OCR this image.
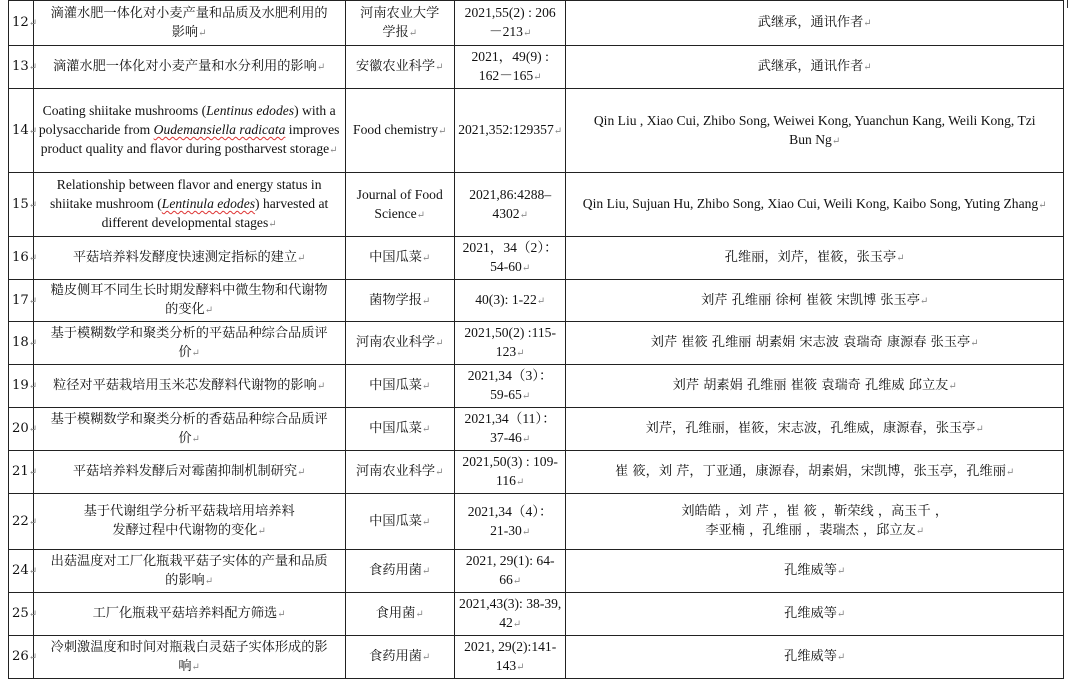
12↵	滴灌水肥一体化对小麦产量和品质及水肥利用的
影响↵	河南农业大学
学报↵	2021,55(2) : 206
－213↵	武继承，通讯作者↵
13↵	滴灌水肥一体化对小麦产量和水分利用的影响↵	安徽农业科学↵	2021，49(9) :
162－165↵	武继承，通讯作者↵
14↵	Coating shiitake mushrooms (Lentinus edodes) with a polysaccharide from Oudemansiella radicata improves product quality and flavor during postharvest storage↵	Food chemistry↵	2021,352:129357↵	Qin Liu , Xiao Cui, Zhibo Song, Weiwei Kong, Yuanchun Kang, Weili Kong, Tzi
Bun Ng↵
15↵	Relationship between flavor and energy status in shiitake mushroom (Lentinula edodes) harvested at different developmental stages↵	Journal of Food
Science↵	2021,86:4288–
4302↵	Qin Liu, Sujuan Hu, Zhibo Song, Xiao Cui, Weili Kong, Kaibo Song, Yuting Zhang↵
16↵	平菇培养料发酵度快速测定指标的建立↵	中国瓜菜↵	2021，34（2）：
54-60↵	孔维丽，刘芹，崔筱，张玉亭↵
17↵	糙皮侧耳不同生长时期发酵料中微生物和代谢物
的变化↵	菌物学报↵	40(3): 1-22↵	刘芹 孔维丽 徐柯 崔筱 宋凯博 张玉亭↵
18↵	基于模糊数学和聚类分析的平菇品种综合品质评
价↵	河南农业科学↵	2021,50(2) :115-
123↵	刘芹 崔筱 孔维丽 胡素娟 宋志波 袁瑞奇 康源春 张玉亭↵
19↵	粒径对平菇栽培用玉米芯发酵料代谢物的影响↵	中国瓜菜↵	2021,34（3）：
59-65↵	刘芹 胡素娟 孔维丽 崔筱 袁瑞奇 孔维威 邱立友↵
20↵	基于模糊数学和聚类分析的香菇品种综合品质评
价↵	中国瓜菜↵	2021,34（11）：
37-46↵	刘芹，孔维丽，崔筱，宋志波，孔维威，康源春，张玉亭↵
21↵	平菇培养料发酵后对霉菌抑制机制研究↵	河南农业科学↵	2021,50(3) : 109-
116↵	崔 筱，刘 芹，丁亚通，康源春，胡素娟，宋凯博，张玉亭，孔维丽↵
22↵	基于代谢组学分析平菇栽培用培养料
发酵过程中代谢物的变化↵	中国瓜菜↵	2021,34（4）：
21-30↵	刘皓皓 ，刘 芹 ，崔 筱 ，靳荣线 ，高玉千 ，
李亚楠 ，孔维丽 ，裴瑞杰 ，邱立友↵
24↵	出菇温度对工厂化瓶栽平菇子实体的产量和品质
的影响↵	食药用菌↵	2021, 29(1): 64-66↵	孔维威等↵
25↵	工厂化瓶栽平菇培养料配方筛选↵	食用菌↵	2021,43(3): 38-39,
42↵	孔维威等↵
26↵	冷刺激温度和时间对瓶栽白灵菇子实体形成的影
响↵	食药用菌↵	2021, 29(2):141-
143↵	孔维威等↵
